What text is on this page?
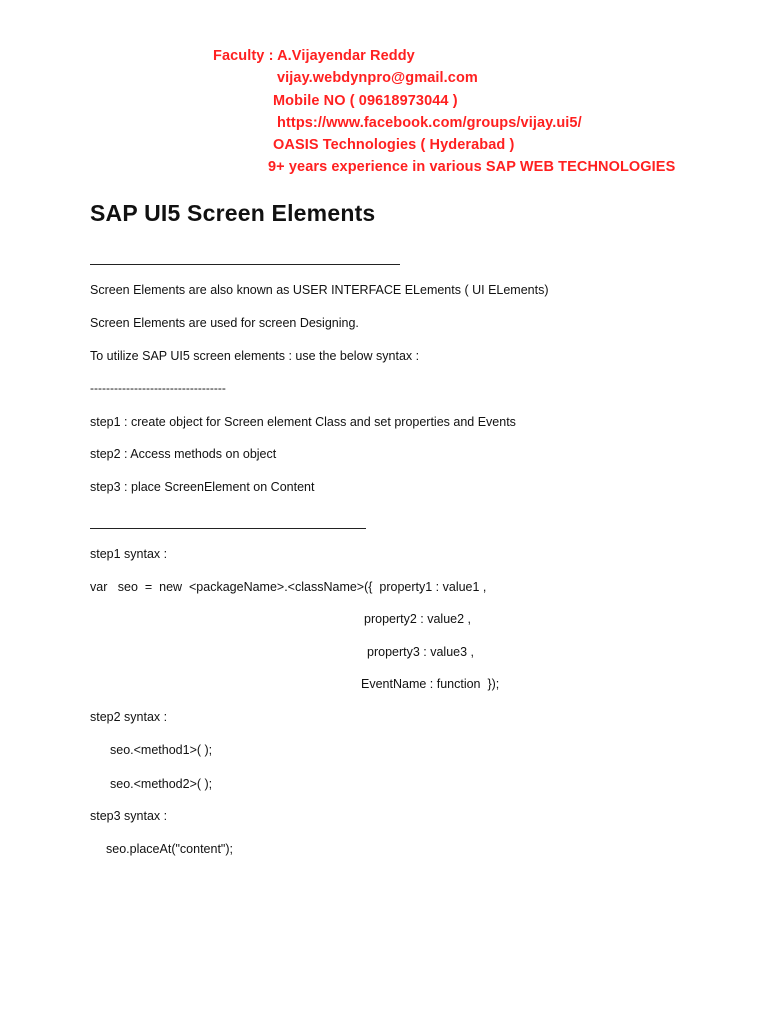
Faculty : A.Vijayendar Reddy
vijay.webdynpro@gmail.com
Mobile NO ( 09618973044 )
https://www.facebook.com/groups/vijay.ui5/
OASIS Technologies ( Hyderabad )
9+ years experience in various SAP WEB TECHNOLOGIES
SAP UI5 Screen Elements
Screen Elements are also known as USER INTERFACE ELements ( UI ELements)
Screen Elements are used for screen Designing.
To utilize SAP UI5 screen elements : use the below syntax :
----------------------------------
step1 : create object for Screen element Class and set properties and Events
step2 : Access methods on object
step3 : place ScreenElement on Content
step1 syntax :
var   seo  =  new  <packageName>.<className>({  property1 : value1 ,
property2 : value2 ,
property3 : value3 ,
EventName : function  });
step2 syntax :
seo.<method1>( );
seo.<method2>( );
step3 syntax :
seo.placeAt("content");
